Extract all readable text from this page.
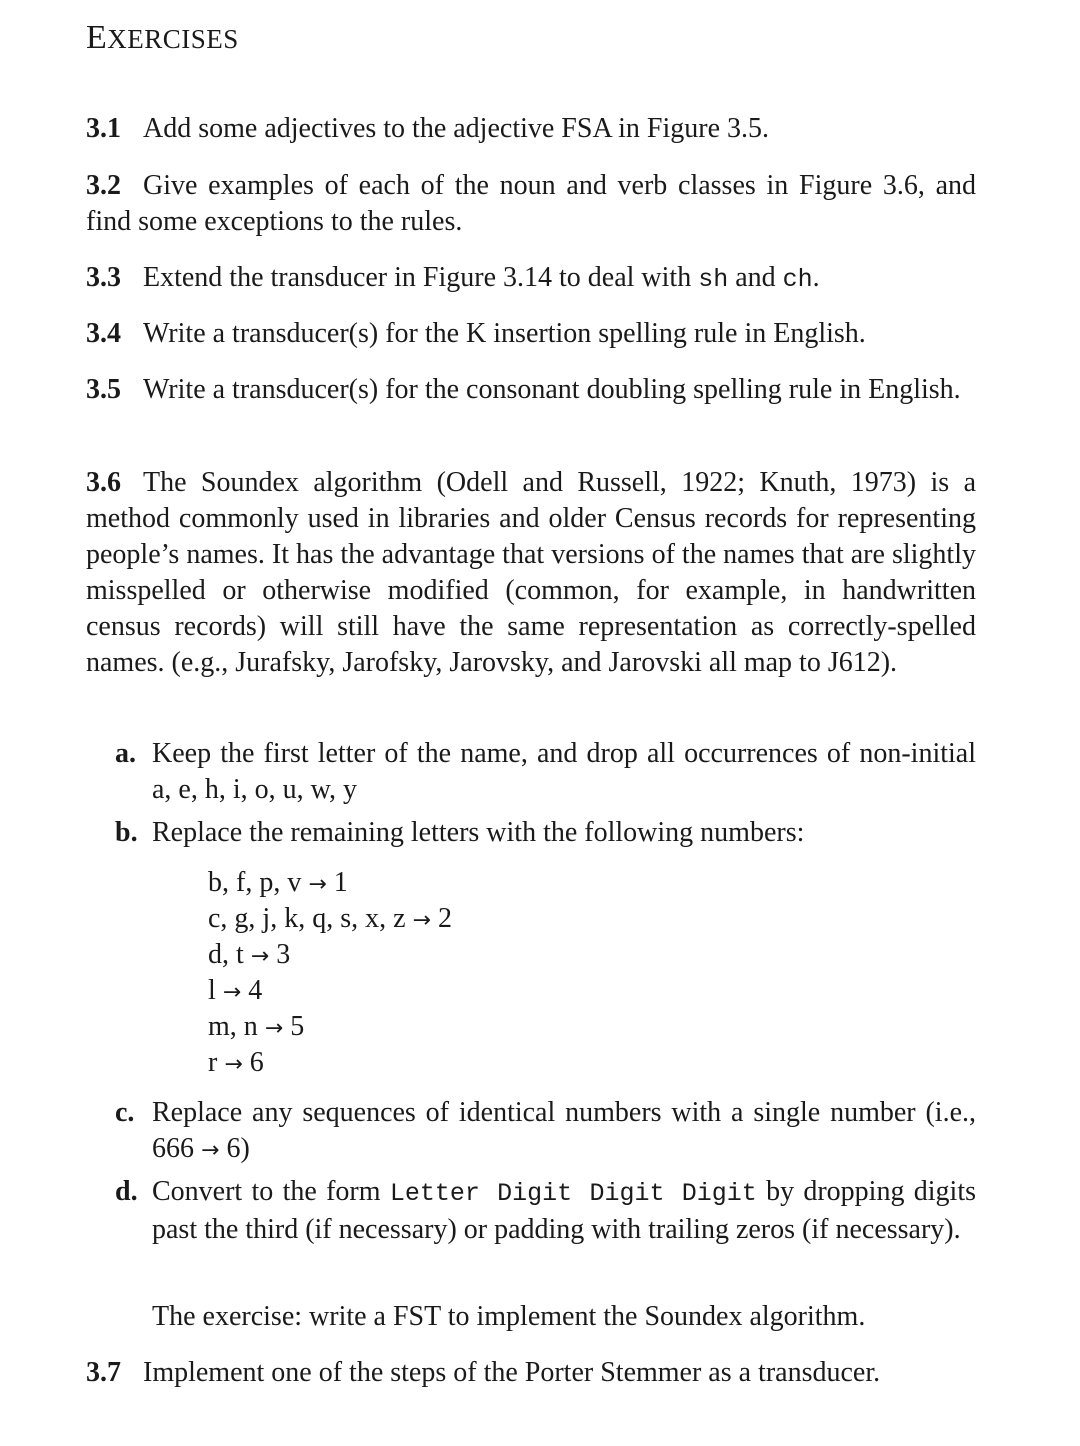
EXERCISES
3.1 Add some adjectives to the adjective FSA in Figure 3.5.
3.2 Give examples of each of the noun and verb classes in Figure 3.6, and find some exceptions to the rules.
3.3 Extend the transducer in Figure 3.14 to deal with sh and ch.
3.4 Write a transducer(s) for the K insertion spelling rule in English.
3.5 Write a transducer(s) for the consonant doubling spelling rule in English.
3.6 The Soundex algorithm (Odell and Russell, 1922; Knuth, 1973) is a method commonly used in libraries and older Census records for representing people’s names. It has the advantage that versions of the names that are slightly misspelled or otherwise modified (common, for example, in handwritten census records) will still have the same representation as correctly-spelled names. (e.g., Jurafsky, Jarofsky, Jarovsky, and Jarovski all map to J612).
a. Keep the first letter of the name, and drop all occurrences of non-initial a, e, h, i, o, u, w, y
b. Replace the remaining letters with the following numbers:
b, f, p, v → 1
c, g, j, k, q, s, x, z → 2
d, t → 3
l → 4
m, n → 5
r → 6
c. Replace any sequences of identical numbers with a single number (i.e., 666 → 6)
d. Convert to the form Letter Digit Digit Digit by dropping digits past the third (if necessary) or padding with trailing zeros (if necessary).
The exercise: write a FST to implement the Soundex algorithm.
3.7 Implement one of the steps of the Porter Stemmer as a transducer.
